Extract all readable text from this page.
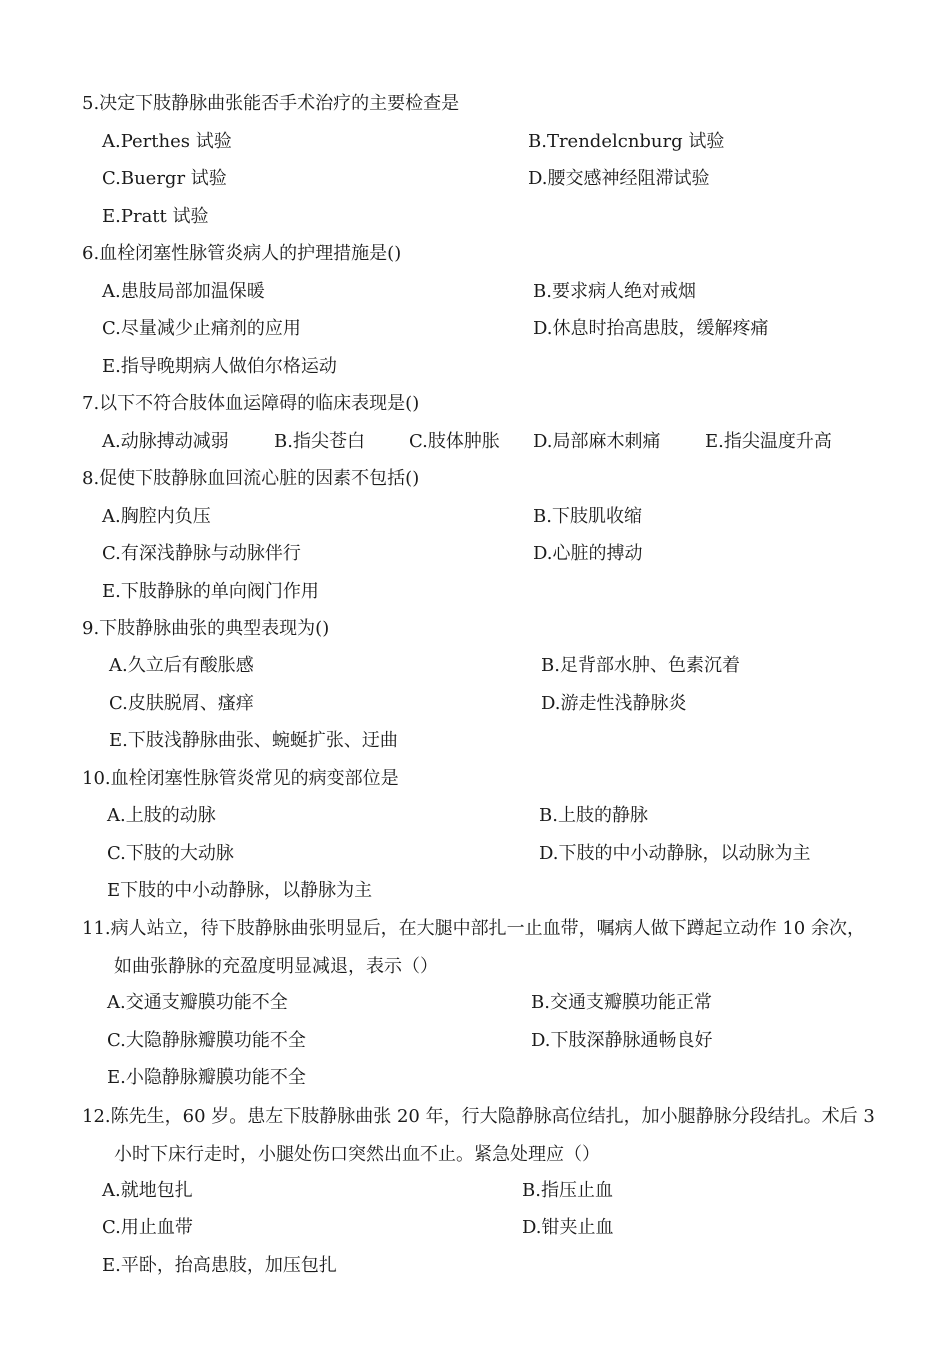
5.决定下肢静脉曲张能否手术治疗的主要检查是
A.Perthes 试验	B.Trendelcnburg 试验
C.Buergr 试验	D.腰交感神经阻滞试验
E.Pratt 试验
6.血栓闭塞性脉管炎病人的护理措施是()
A.患肢局部加温保暖	B.要求病人绝对戒烟
C.尽量减少止痛剂的应用	D.休息时抬高患肢，缓解疼痛
E.指导晚期病人做伯尔格运动
7.以下不符合肢体血运障碍的临床表现是()
A.动脉搏动减弱	B.指尖苍白 C.肢体肿胀 D.局部麻木刺痛 E.指尖温度升高
8.促使下肢静脉血回流心脏的因素不包括()
A.胸腔内负压	B.下肢肌收缩
C.有深浅静脉与动脉伴行	D.心脏的搏动
E.下肢静脉的单向阀门作用
9.下肢静脉曲张的典型表现为()
A.久立后有酸胀感	B.足背部水肿、色素沉着
C.皮肤脱屑、瘙痒	D.游走性浅静脉炎
E.下肢浅静脉曲张、蜿蜒扩张、迂曲
10.血栓闭塞性脉管炎常见的病变部位是
A.上肢的动脉	B.上肢的静脉
C.下肢的大动脉	D.下肢的中小动静脉，以动脉为主
E下肢的中小动静脉，以静脉为主
11.病人站立，待下肢静脉曲张明显后，在大腿中部扎一止血带，嘱病人做下蹲起立动作 10 余次，如曲张静脉的充盈度明显减退，表示（）
A.交通支瓣膜功能不全	B.交通支瓣膜功能正常
C.大隐静脉瓣膜功能不全	D.下肢深静脉通畅良好
E.小隐静脉瓣膜功能不全
12.陈先生，60 岁。患左下肢静脉曲张 20 年，行大隐静脉高位结扎，加小腿静脉分段结扎。术后 3 小时下床行走时，小腿处伤口突然出血不止。紧急处理应（）
A.就地包扎	B.指压止血
C.用止血带	D.钳夹止血
E.平卧，抬高患肢，加压包扎
